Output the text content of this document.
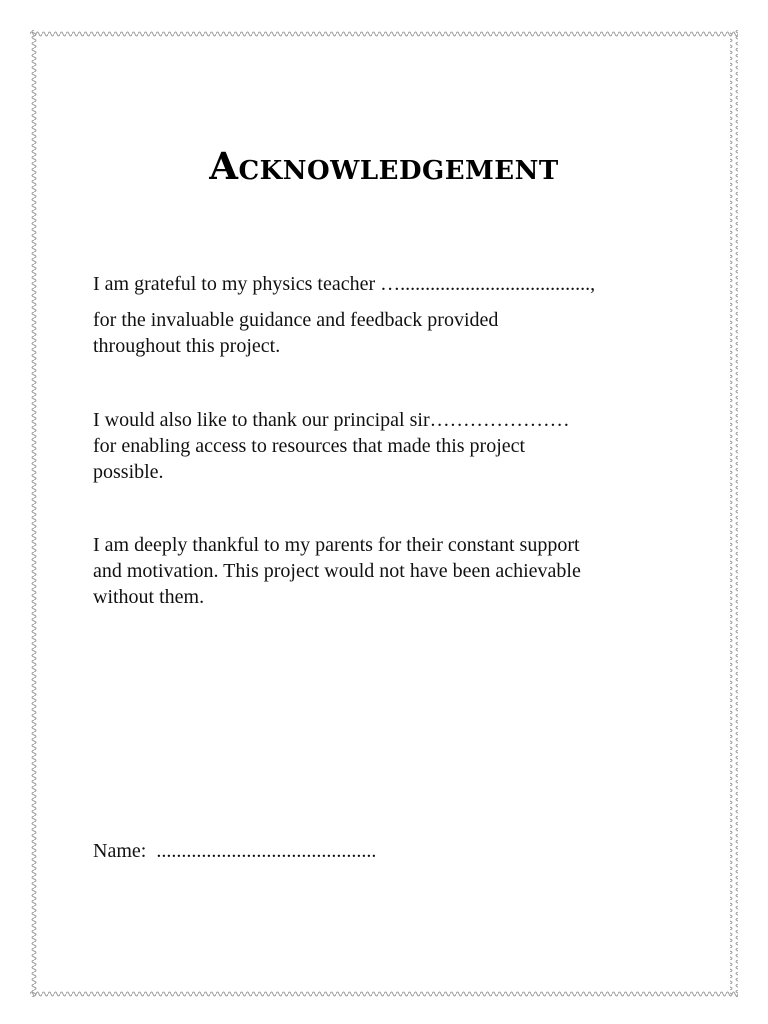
Acknowledgement

I am grateful to my physics teacher …......................................,

for the invaluable guidance and feedback provided

throughout this project.

I would also like to thank our principal sir…………………

for enabling access to resources that made this project

possible.

I am deeply thankful to my parents for their constant support

and motivation. This project would not have been achievable

without them.

Name: ............................................
